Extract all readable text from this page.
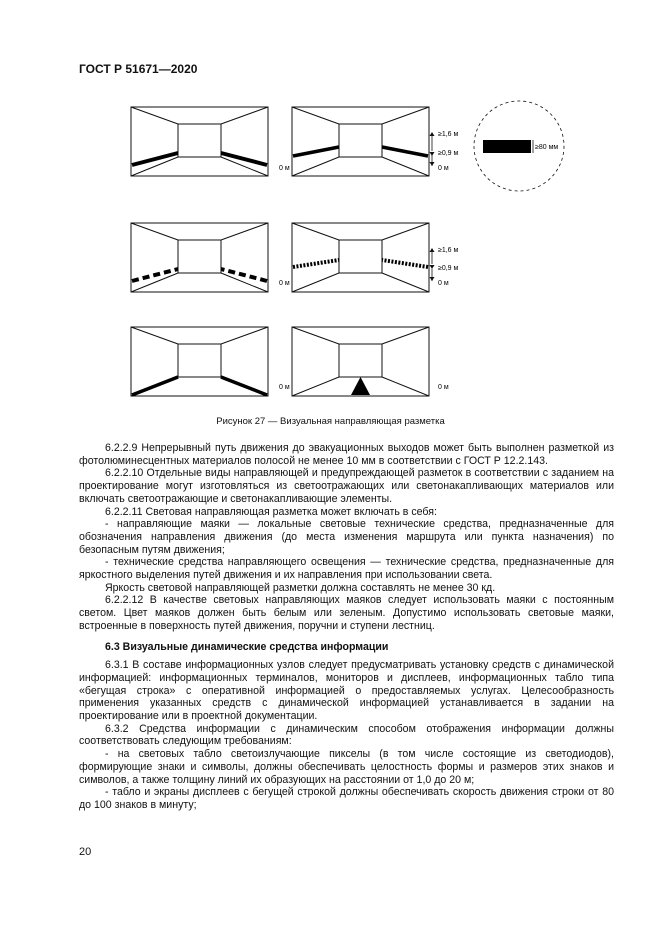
ГОСТ Р 51671—2020
≥1,6 м
≥0,9 м
0 м
0 м
≥80 мм
≥1,6 м
≥0,9 м
0 м
0 м
0 м	0 м
Рисунок 27 — Визуальная направляющая разметка

6.2.2.9 Непрерывный путь движения до эвакуационных выходов может быть выполнен разметкой из фотолюминесцентных материалов полосой не менее 10 мм в соответствии с ГОСТ Р 12.2.143.

6.2.2.10 Отдельные виды направляющей и предупреждающей разметок в соответствии с заданием на проектирование могут изготовляться из светоотражающих или светонакапливающих материалов или включать светоотражающие и светонакапливающие элементы.

6.2.2.11 Световая направляющая разметка может включать в себя:

- направляющие маяки — локальные световые технические средства, предназначенные для обозначения направления движения (до места изменения маршрута или пункта назначения) по безопасным путям движения;

- технические средства направляющего освещения — технические средства, предназначенные для яркостного выделения путей движения и их направления при использовании света.

Яркость световой направляющей разметки должна составлять не менее 30 кд.

6.2.2.12 В качестве световых направляющих маяков следует использовать маяки с постоянным светом. Цвет маяков должен быть белым или зеленым. Допустимо использовать световые маяки, встроенные в поверхность путей движения, поручни и ступени лестниц.

6.3 Визуальные динамические средства информации

6.3.1 В составе информационных узлов следует предусматривать установку средств с динамической информацией: информационных терминалов, мониторов и дисплеев, информационных табло типа «бегущая строка» с оперативной информацией о предоставляемых услугах. Целесообразность применения указанных средств с динамической информацией устанавливается в задании на проектирование или в проектной документации.

6.3.2 Средства информации с динамическим способом отображения информации должны соответствовать следующим требованиям:

- на световых табло светоизлучающие пикселы (в том числе состоящие из светодиодов), формирующие знаки и символы, должны обеспечивать целостность формы и размеров этих знаков и символов, а также толщину линий их образующих на расстоянии от 1,0 до 20 м;

- табло и экраны дисплеев с бегущей строкой должны обеспечивать скорость движения строки от 80 до 100 знаков в минуту;

20
